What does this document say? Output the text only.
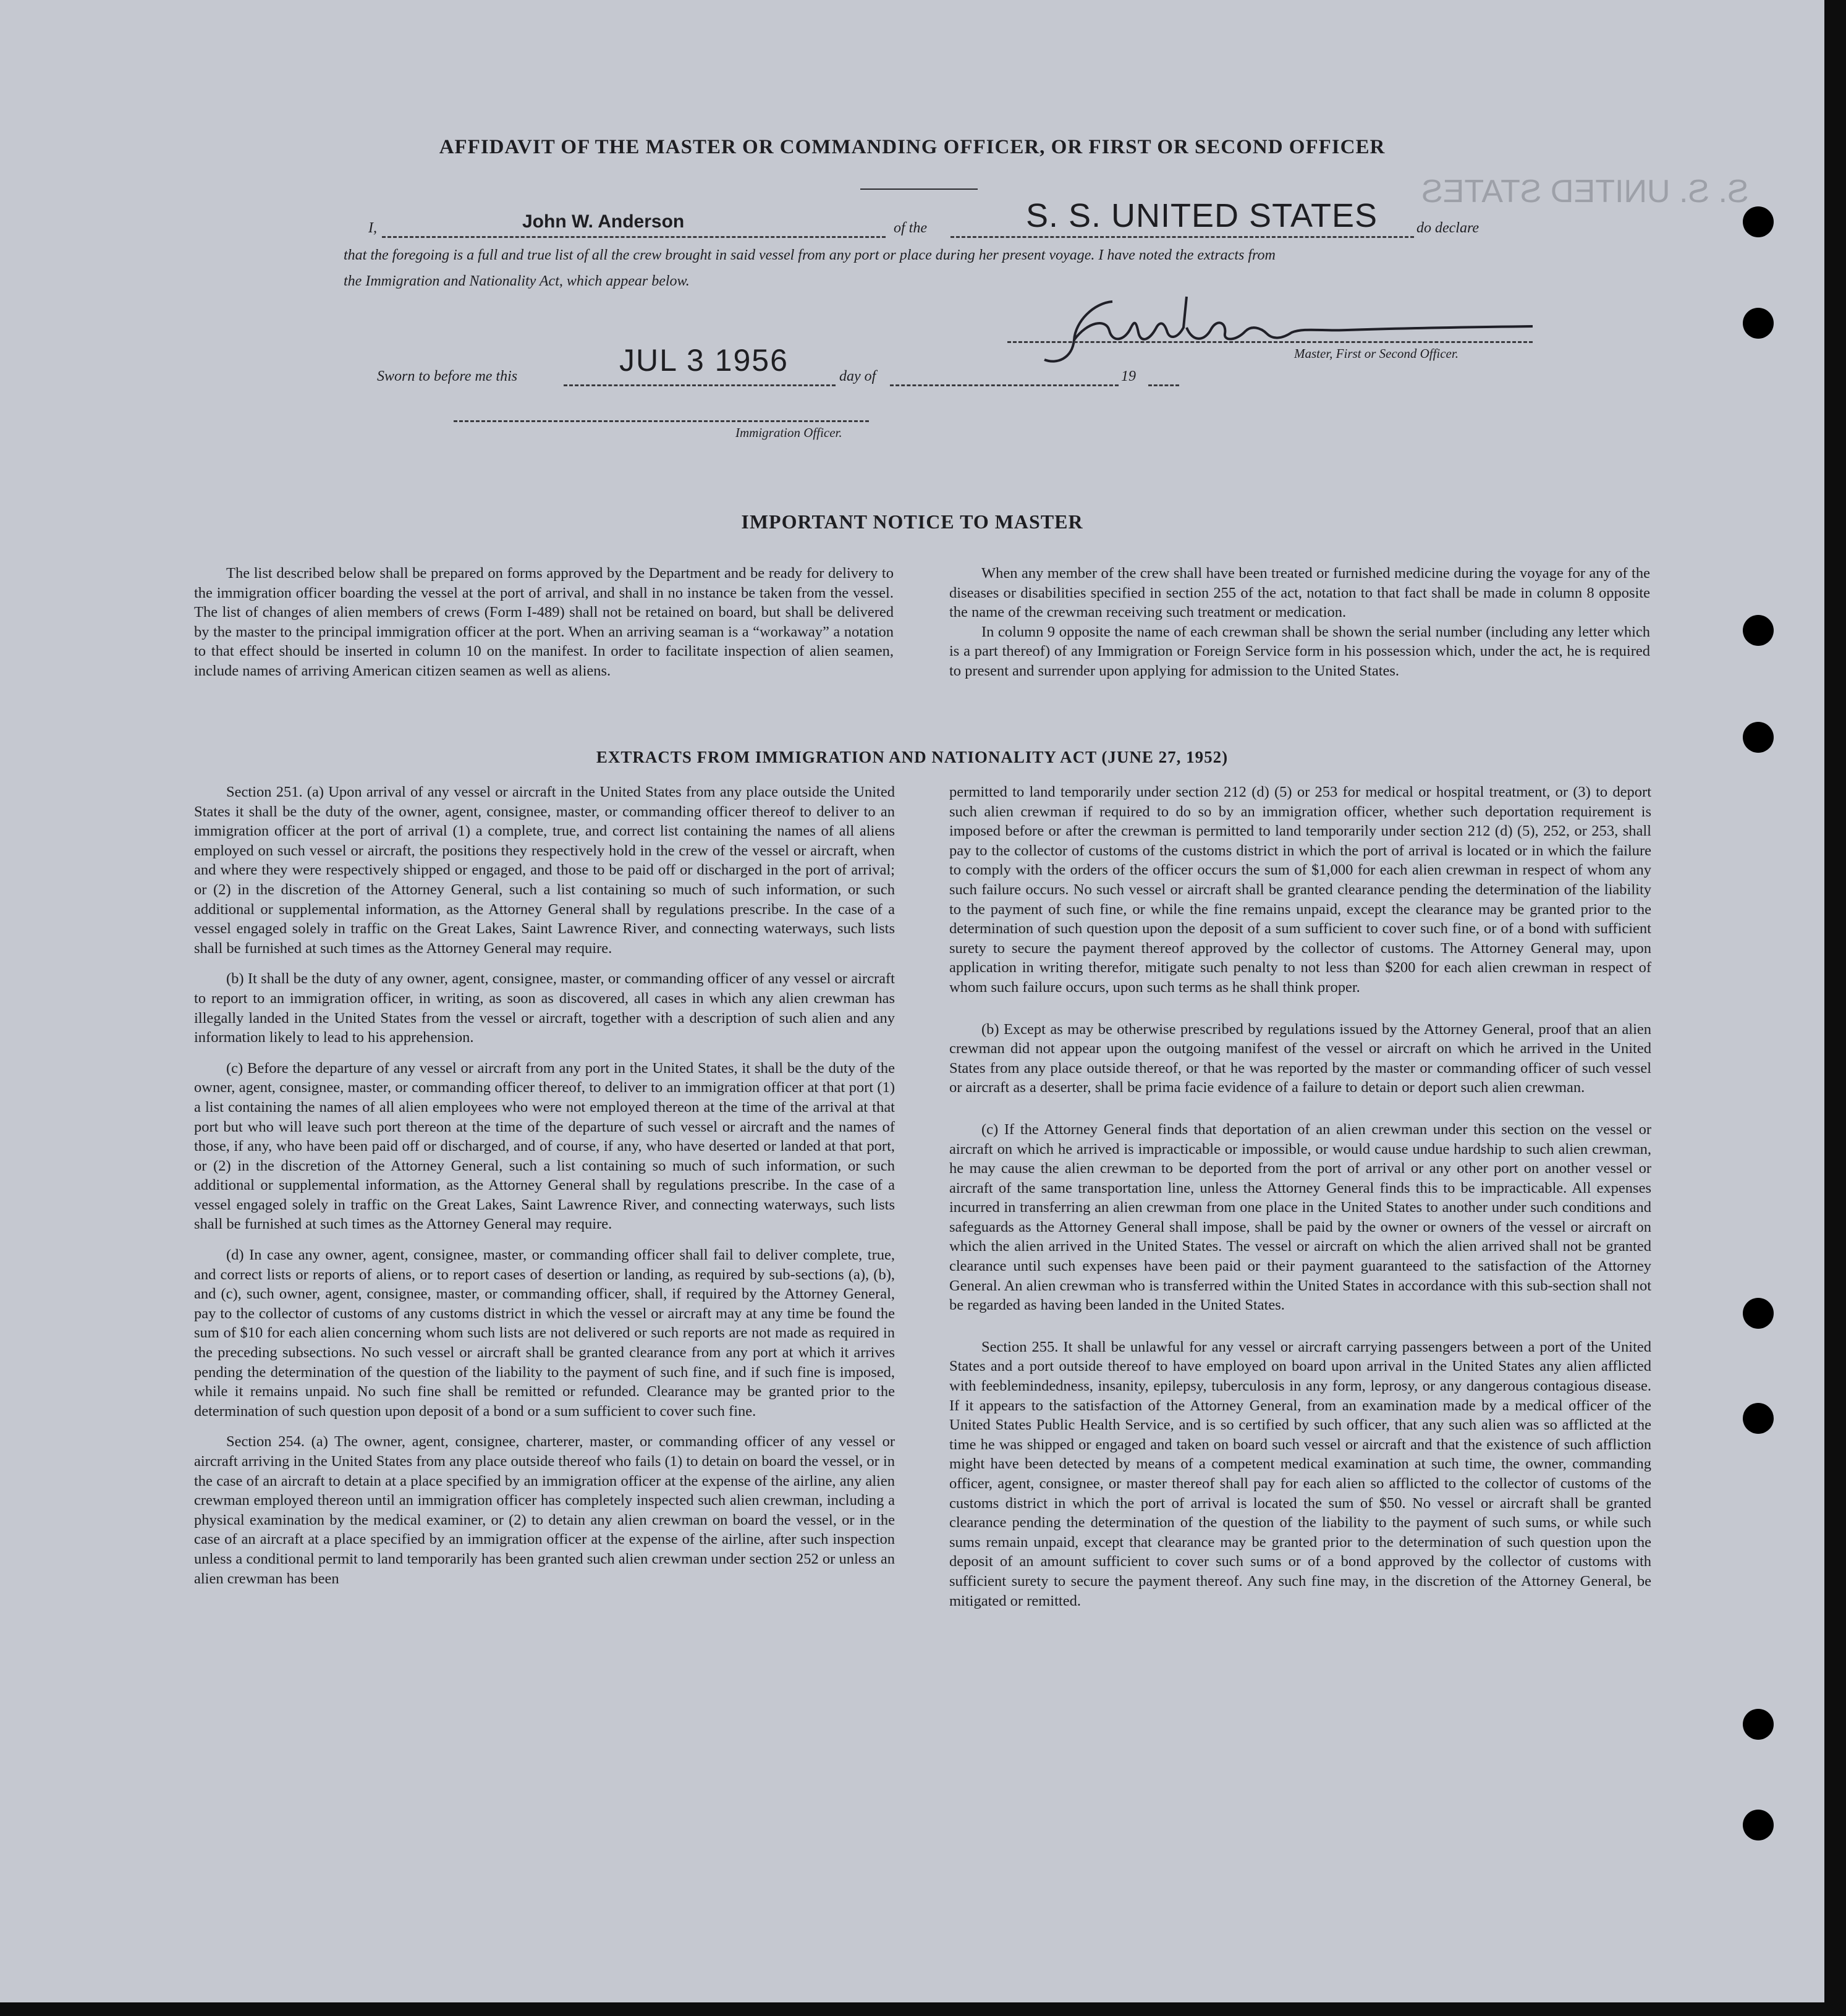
S. S. UNITED STATES
AFFIDAVIT OF THE MASTER OR COMMANDING OFFICER, OR FIRST OR SECOND OFFICER
I,	John W. Anderson	of the	S. S. UNITED STATES	do declare
that the foregoing is a full and true list of all the crew brought in said vessel from any port or place during her present voyage. I have noted the extracts from
the Immigration and Nationality Act, which appear below.
Master, First or Second Officer.
Sworn to before me this	JUL 3 1956	day of	19
Immigration Officer.
IMPORTANT NOTICE TO MASTER

The list described below shall be prepared on forms approved by the Department and be ready for delivery to the immigration officer boarding the vessel at the port of arrival, and shall in no instance be taken from the vessel. The list of changes of alien members of crews (Form I-489) shall not be retained on board, but shall be delivered by the master to the principal immigration officer at the port. When an arriving seaman is a “workaway” a notation to that effect should be inserted in column 10 on the manifest. In order to facilitate inspection of alien seamen, include names of arriving American citizen seamen as well as aliens.

When any member of the crew shall have been treated or furnished medicine during the voyage for any of the diseases or disabilities specified in section 255 of the act, notation to that fact shall be made in column 8 opposite the name of the crewman receiving such treatment or medication.

In column 9 opposite the name of each crewman shall be shown the serial number (including any letter which is a part thereof) of any Immigration or Foreign Service form in his possession which, under the act, he is required to present and surrender upon applying for admission to the United States.

EXTRACTS FROM IMMIGRATION AND NATIONALITY ACT (JUNE 27, 1952)

Section 251. (a) Upon arrival of any vessel or aircraft in the United States from any place outside the United States it shall be the duty of the owner, agent, consignee, master, or commanding officer thereof to deliver to an immigration officer at the port of arrival (1) a complete, true, and correct list containing the names of all aliens employed on such vessel or aircraft, the positions they respectively hold in the crew of the vessel or aircraft, when and where they were respectively shipped or engaged, and those to be paid off or discharged in the port of arrival; or (2) in the discretion of the Attorney General, such a list containing so much of such information, or such additional or supplemental information, as the Attorney General shall by regulations prescribe. In the case of a vessel engaged solely in traffic on the Great Lakes, Saint Lawrence River, and connecting waterways, such lists shall be furnished at such times as the Attorney General may require.

(b) It shall be the duty of any owner, agent, consignee, master, or commanding officer of any vessel or aircraft to report to an immigration officer, in writing, as soon as discovered, all cases in which any alien crewman has illegally landed in the United States from the vessel or aircraft, together with a description of such alien and any information likely to lead to his apprehension.

(c) Before the departure of any vessel or aircraft from any port in the United States, it shall be the duty of the owner, agent, consignee, master, or commanding officer thereof, to deliver to an immigration officer at that port (1) a list containing the names of all alien employees who were not employed thereon at the time of the arrival at that port but who will leave such port thereon at the time of the departure of such vessel or aircraft and the names of those, if any, who have been paid off or discharged, and of course, if any, who have deserted or landed at that port, or (2) in the discretion of the Attorney General, such a list containing so much of such information, or such additional or supplemental information, as the Attorney General shall by regulations prescribe. In the case of a vessel engaged solely in traffic on the Great Lakes, Saint Lawrence River, and connecting waterways, such lists shall be furnished at such times as the Attorney General may require.

(d) In case any owner, agent, consignee, master, or commanding officer shall fail to deliver complete, true, and correct lists or reports of aliens, or to report cases of desertion or landing, as required by sub-sections (a), (b), and (c), such owner, agent, consignee, master, or commanding officer, shall, if required by the Attorney General, pay to the collector of customs of any customs district in which the vessel or aircraft may at any time be found the sum of $10 for each alien concerning whom such lists are not delivered or such reports are not made as required in the preceding subsections. No such vessel or aircraft shall be granted clearance from any port at which it arrives pending the determination of the question of the liability to the payment of such fine, and if such fine is imposed, while it remains unpaid. No such fine shall be remitted or refunded. Clearance may be granted prior to the determination of such question upon deposit of a bond or a sum sufficient to cover such fine.

Section 254. (a) The owner, agent, consignee, charterer, master, or commanding officer of any vessel or aircraft arriving in the United States from any place outside thereof who fails (1) to detain on board the vessel, or in the case of an aircraft to detain at a place specified by an immigration officer at the expense of the airline, any alien crewman employed thereon until an immigration officer has completely inspected such alien crewman, including a physical examination by the medical examiner, or (2) to detain any alien crewman on board the vessel, or in the case of an aircraft at a place specified by an immigration officer at the expense of the airline, after such inspection unless a conditional permit to land temporarily has been granted such alien crewman under section 252 or unless an alien crewman has been

permitted to land temporarily under section 212 (d) (5) or 253 for medical or hospital treatment, or (3) to deport such alien crewman if required to do so by an immigration officer, whether such deportation requirement is imposed before or after the crewman is permitted to land temporarily under section 212 (d) (5), 252, or 253, shall pay to the collector of customs of the customs district in which the port of arrival is located or in which the failure to comply with the orders of the officer occurs the sum of $1,000 for each alien crewman in respect of whom any such failure occurs. No such vessel or aircraft shall be granted clearance pending the determination of the liability to the payment of such fine, or while the fine remains unpaid, except the clearance may be granted prior to the determination of such question upon the deposit of a sum sufficient to cover such fine, or of a bond with sufficient surety to secure the payment thereof approved by the collector of customs. The Attorney General may, upon application in writing therefor, mitigate such penalty to not less than $200 for each alien crewman in respect of whom such failure occurs, upon such terms as he shall think proper.

(b) Except as may be otherwise prescribed by regulations issued by the Attorney General, proof that an alien crewman did not appear upon the outgoing manifest of the vessel or aircraft on which he arrived in the United States from any place outside thereof, or that he was reported by the master or commanding officer of such vessel or aircraft as a deserter, shall be prima facie evidence of a failure to detain or deport such alien crewman.

(c) If the Attorney General finds that deportation of an alien crewman under this section on the vessel or aircraft on which he arrived is impracticable or impossible, or would cause undue hardship to such alien crewman, he may cause the alien crewman to be deported from the port of arrival or any other port on another vessel or aircraft of the same transportation line, unless the Attorney General finds this to be impracticable. All expenses incurred in transferring an alien crewman from one place in the United States to another under such conditions and safeguards as the Attorney General shall impose, shall be paid by the owner or owners of the vessel or aircraft on which the alien arrived in the United States. The vessel or aircraft on which the alien arrived shall not be granted clearance until such expenses have been paid or their payment guaranteed to the satisfaction of the Attorney General. An alien crewman who is transferred within the United States in accordance with this sub-section shall not be regarded as having been landed in the United States.

Section 255. It shall be unlawful for any vessel or aircraft carrying passengers between a port of the United States and a port outside thereof to have employed on board upon arrival in the United States any alien afflicted with feeblemindedness, insanity, epilepsy, tuberculosis in any form, leprosy, or any dangerous contagious disease. If it appears to the satisfaction of the Attorney General, from an examination made by a medical officer of the United States Public Health Service, and is so certified by such officer, that any such alien was so afflicted at the time he was shipped or engaged and taken on board such vessel or aircraft and that the existence of such affliction might have been detected by means of a competent medical examination at such time, the owner, commanding officer, agent, consignee, or master thereof shall pay for each alien so afflicted to the collector of customs of the customs district in which the port of arrival is located the sum of $50. No vessel or aircraft shall be granted clearance pending the determination of the question of the liability to the payment of such sums, or while such sums remain unpaid, except that clearance may be granted prior to the determination of such question upon the deposit of an amount sufficient to cover such sums or of a bond approved by the collector of customs with sufficient surety to secure the payment thereof. Any such fine may, in the discretion of the Attorney General, be mitigated or remitted.
